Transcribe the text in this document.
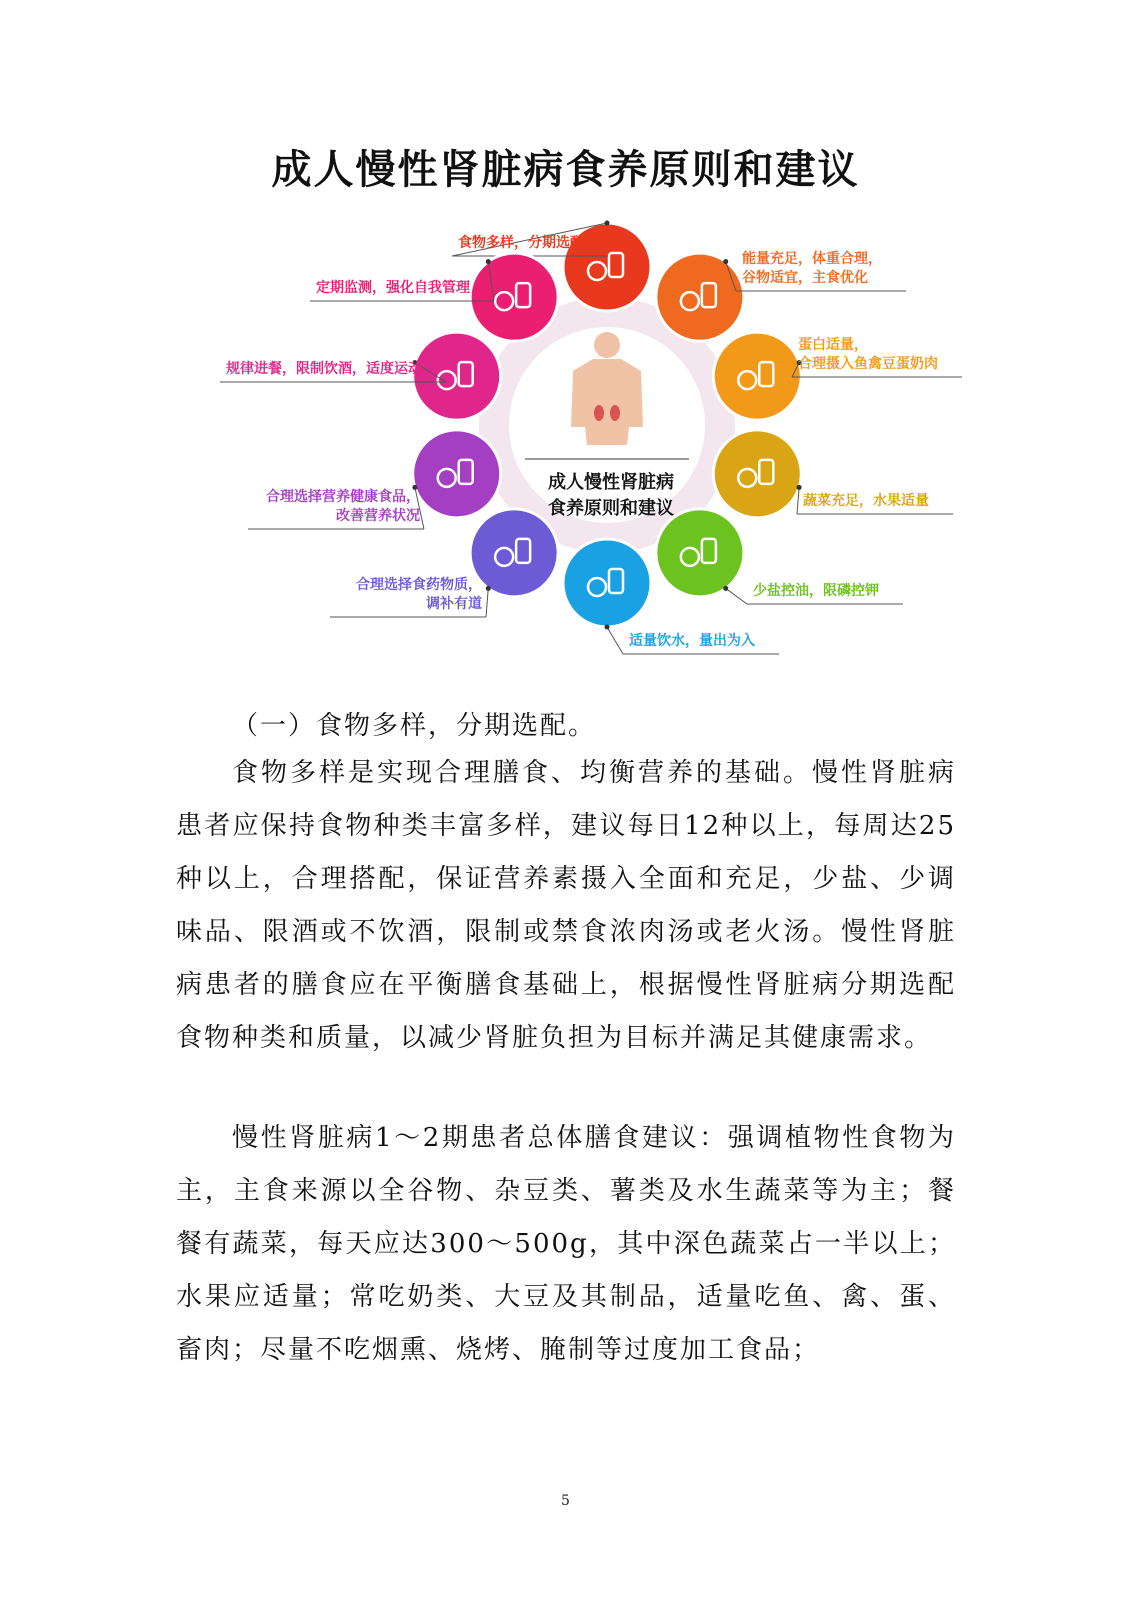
成人慢性肾脏病食养原则和建议
食物多样，分期选配
能量充足，体重合理，
谷物适宜，主食优化
蛋白适量，
合理摄入鱼禽豆蛋奶肉
蔬菜充足，水果适量
少盐控油，限磷控钾
适量饮水，量出为入
合理选择食药物质，
调补有道
合理选择营养健康食品，
改善营养状况
规律进餐，限制饮酒，适度运动
定期监测，强化自我管理
成人慢性肾脏病
食养原则和建议
（一）食物多样，分期选配。

食物多样是实现合理膳食、均衡营养的基础。慢性肾脏病患者应保持食物种类丰富多样，建议每日12种以上，每周达25种以上，合理搭配，保证营养素摄入全面和充足，少盐、少调味品、限酒或不饮酒，限制或禁食浓肉汤或老火汤。慢性肾脏病患者的膳食应在平衡膳食基础上，根据慢性肾脏病分期选配食物种类和质量，以减少肾脏负担为目标并满足其健康需求。

慢性肾脏病1～2期患者总体膳食建议：强调植物性食物为主，主食来源以全谷物、杂豆类、薯类及水生蔬菜等为主；餐餐有蔬菜，每天应达300～500g，其中深色蔬菜占一半以上；水果应适量；常吃奶类、大豆及其制品，适量吃鱼、禽、蛋、畜肉；尽量不吃烟熏、烧烤、腌制等过度加工食品；

5
